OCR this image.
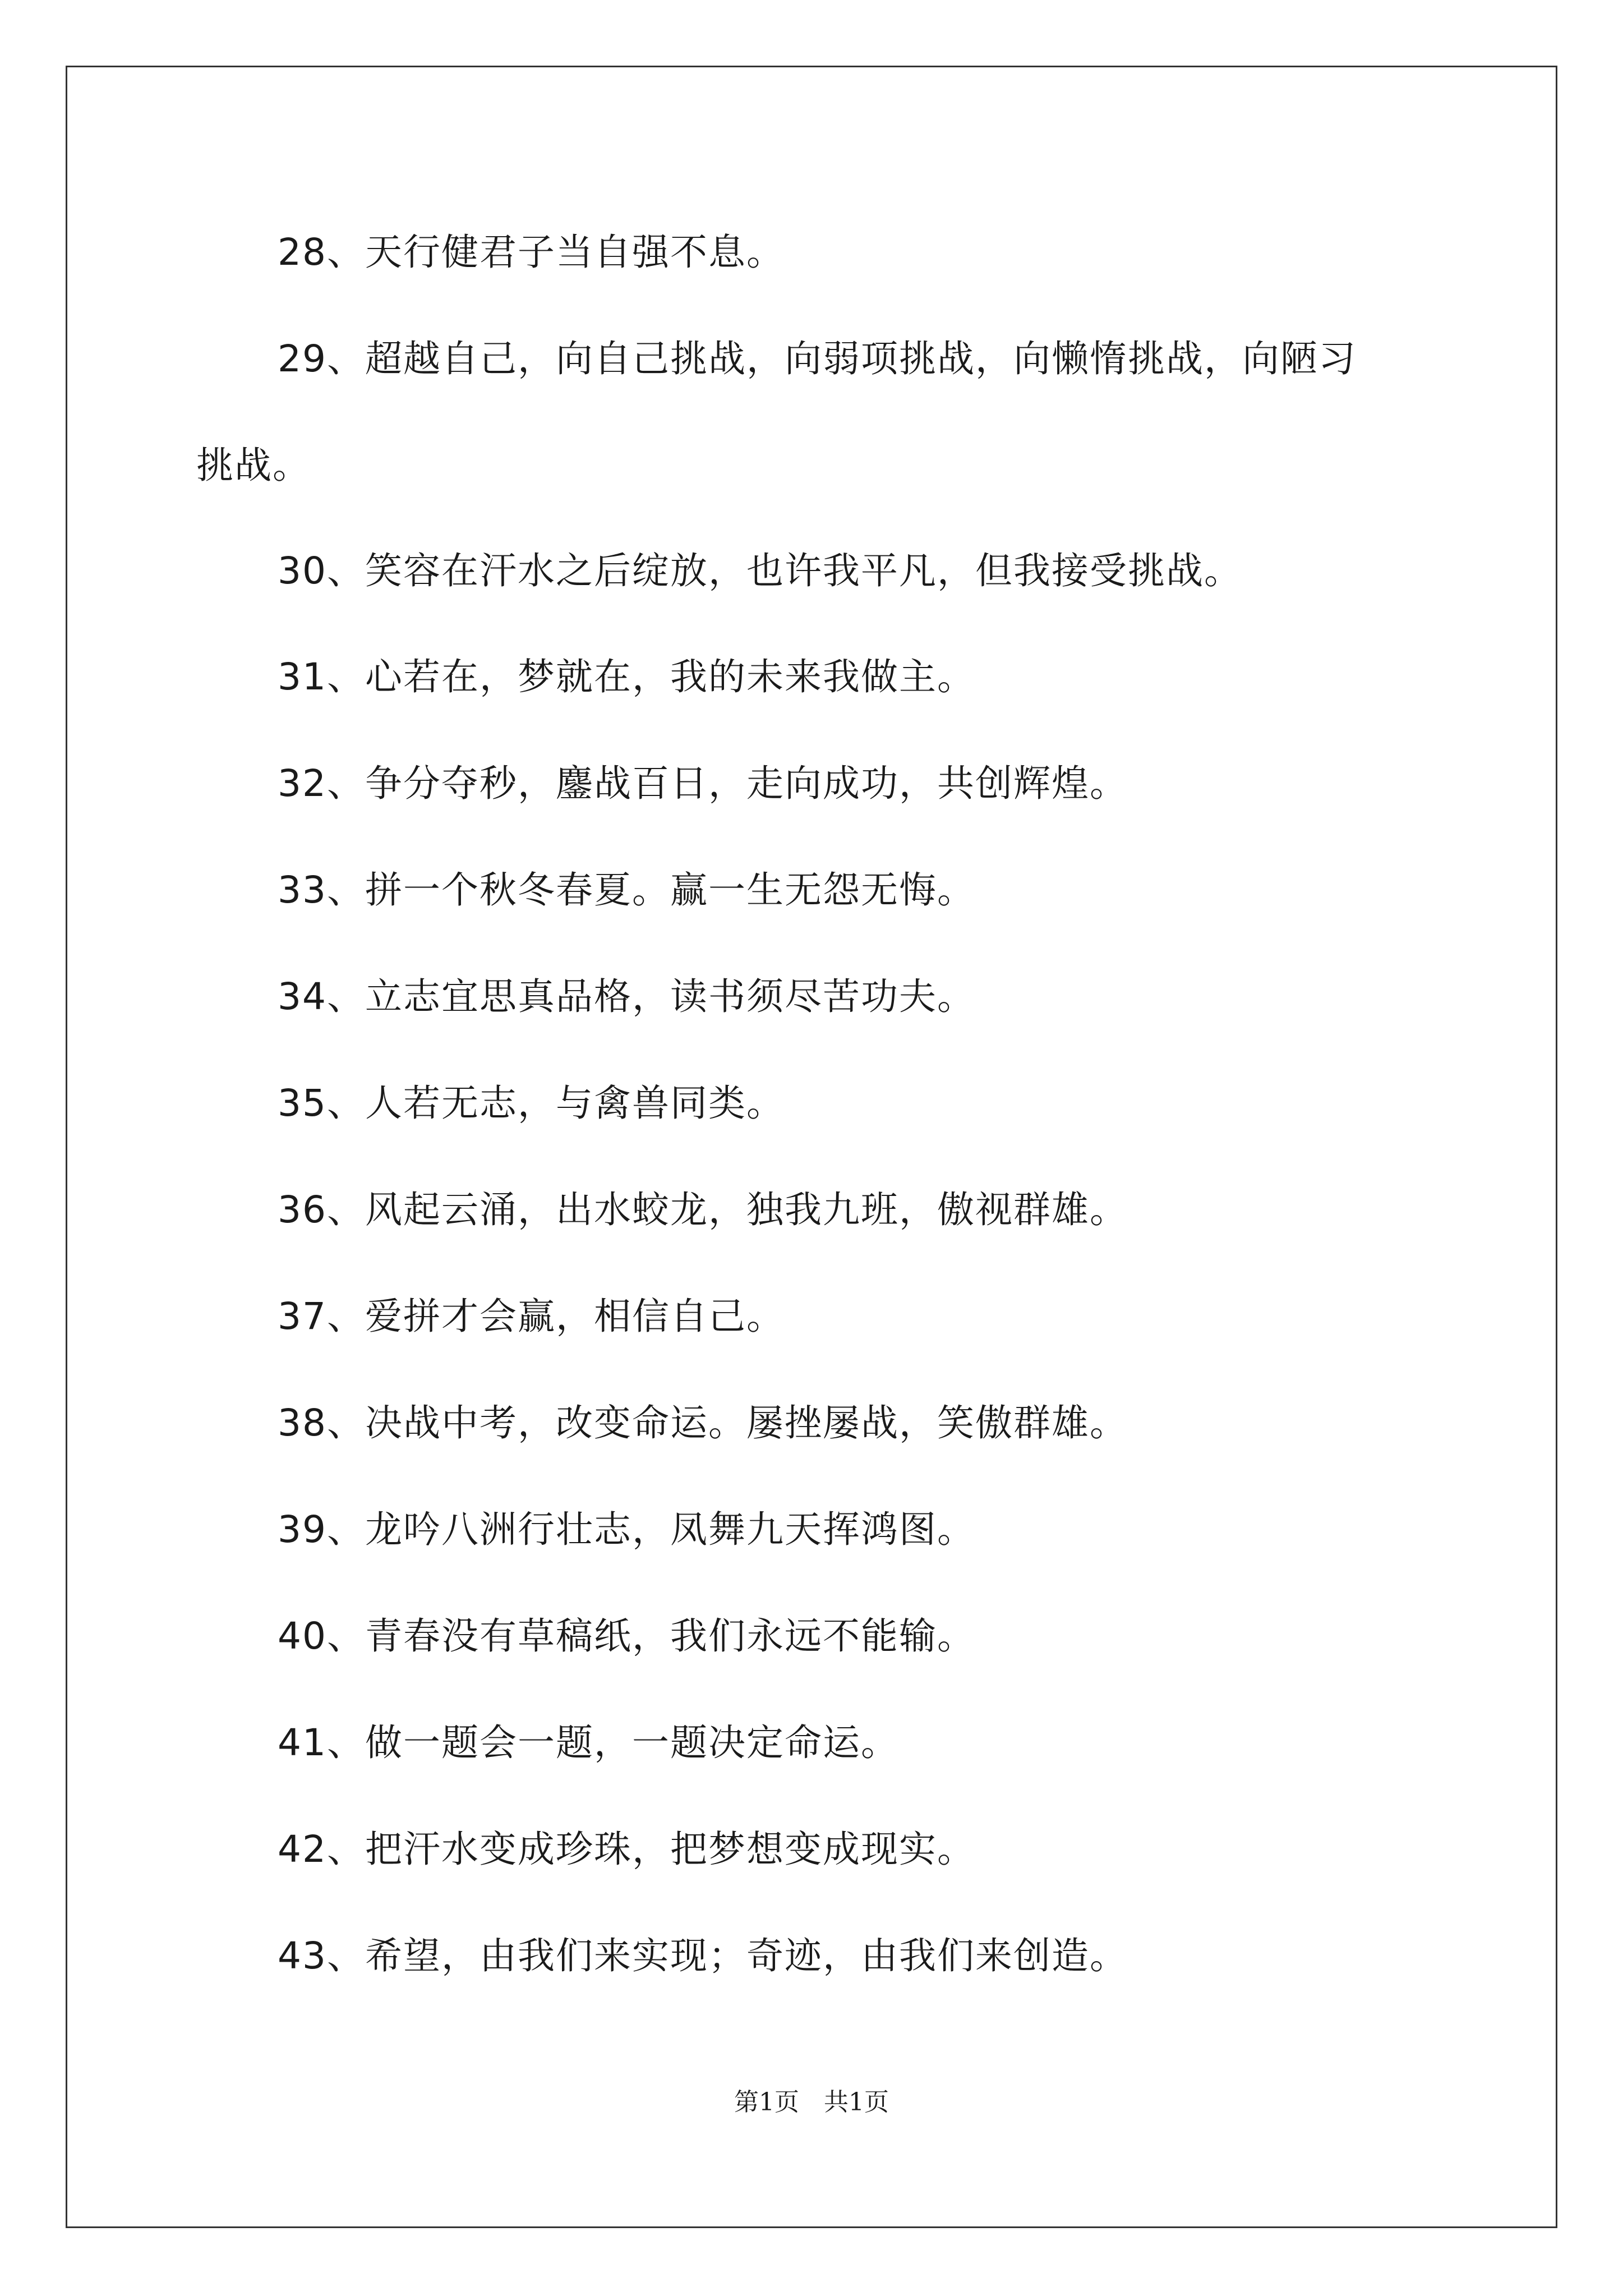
28、天行健君子当自强不息。
29、超越自己，向自己挑战，向弱项挑战，向懒惰挑战，向陋习
挑战。
30、笑容在汗水之后绽放，也许我平凡，但我接受挑战。
31、心若在，梦就在，我的未来我做主。
32、争分夺秒，鏖战百日，走向成功，共创辉煌。
33、拼一个秋冬春夏。赢一生无怨无悔。
34、立志宜思真品格，读书须尽苦功夫。
35、人若无志，与禽兽同类。
36、风起云涌，出水蛟龙，独我九班，傲视群雄。
37、爱拼才会赢，相信自己。
38、决战中考，改变命运。屡挫屡战，笑傲群雄。
39、龙吟八洲行壮志，凤舞九天挥鸿图。
40、青春没有草稿纸，我们永远不能输。
41、做一题会一题，一题决定命运。
42、把汗水变成珍珠，把梦想变成现实。
43、希望，由我们来实现；奇迹，由我们来创造。
第1页　共1页
